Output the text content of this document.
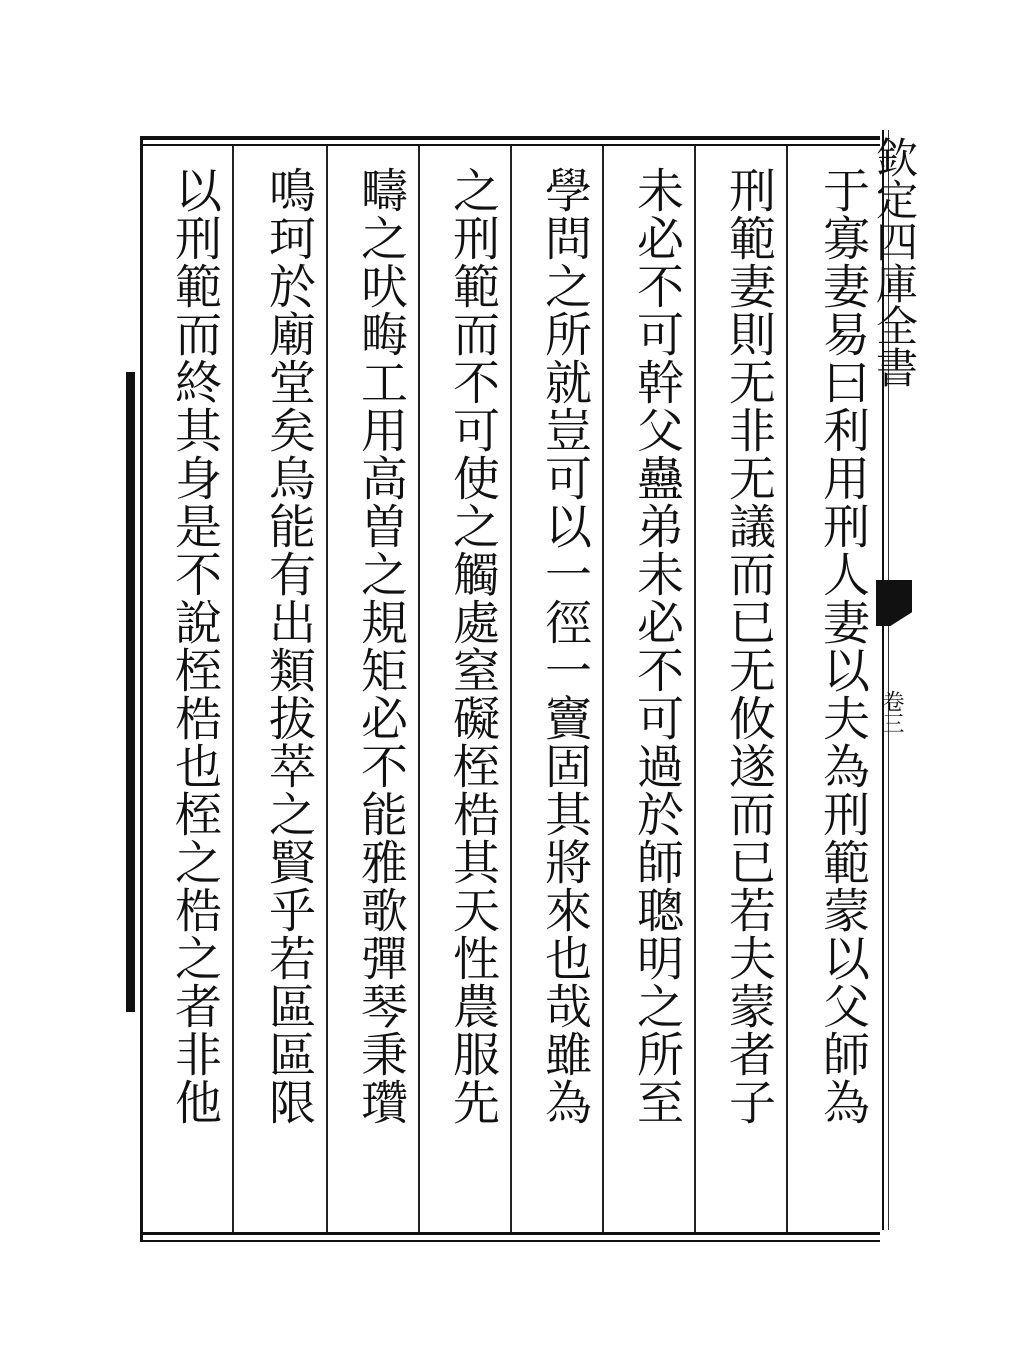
于寡妻易曰利用刑人妻以夫為刑範蒙以父師為
刑範妻則无非无議而已无攸遂而已若夫蒙者子
未必不可幹父蠱弟未必不可過於師聰明之所至
學問之所就豈可以一徑一竇固其將來也哉雖為
之刑範而不可使之觸處窒礙桎梏其天性農服先
疇之吠畮工用高曽之規矩必不能雅歌彈琴秉瓚
鳴珂於廟堂矣烏能有出類拔萃之賢乎若區區限
以刑範而終其身是不說桎梏也桎之梏之者非他	欽定四庫全書
卷三
